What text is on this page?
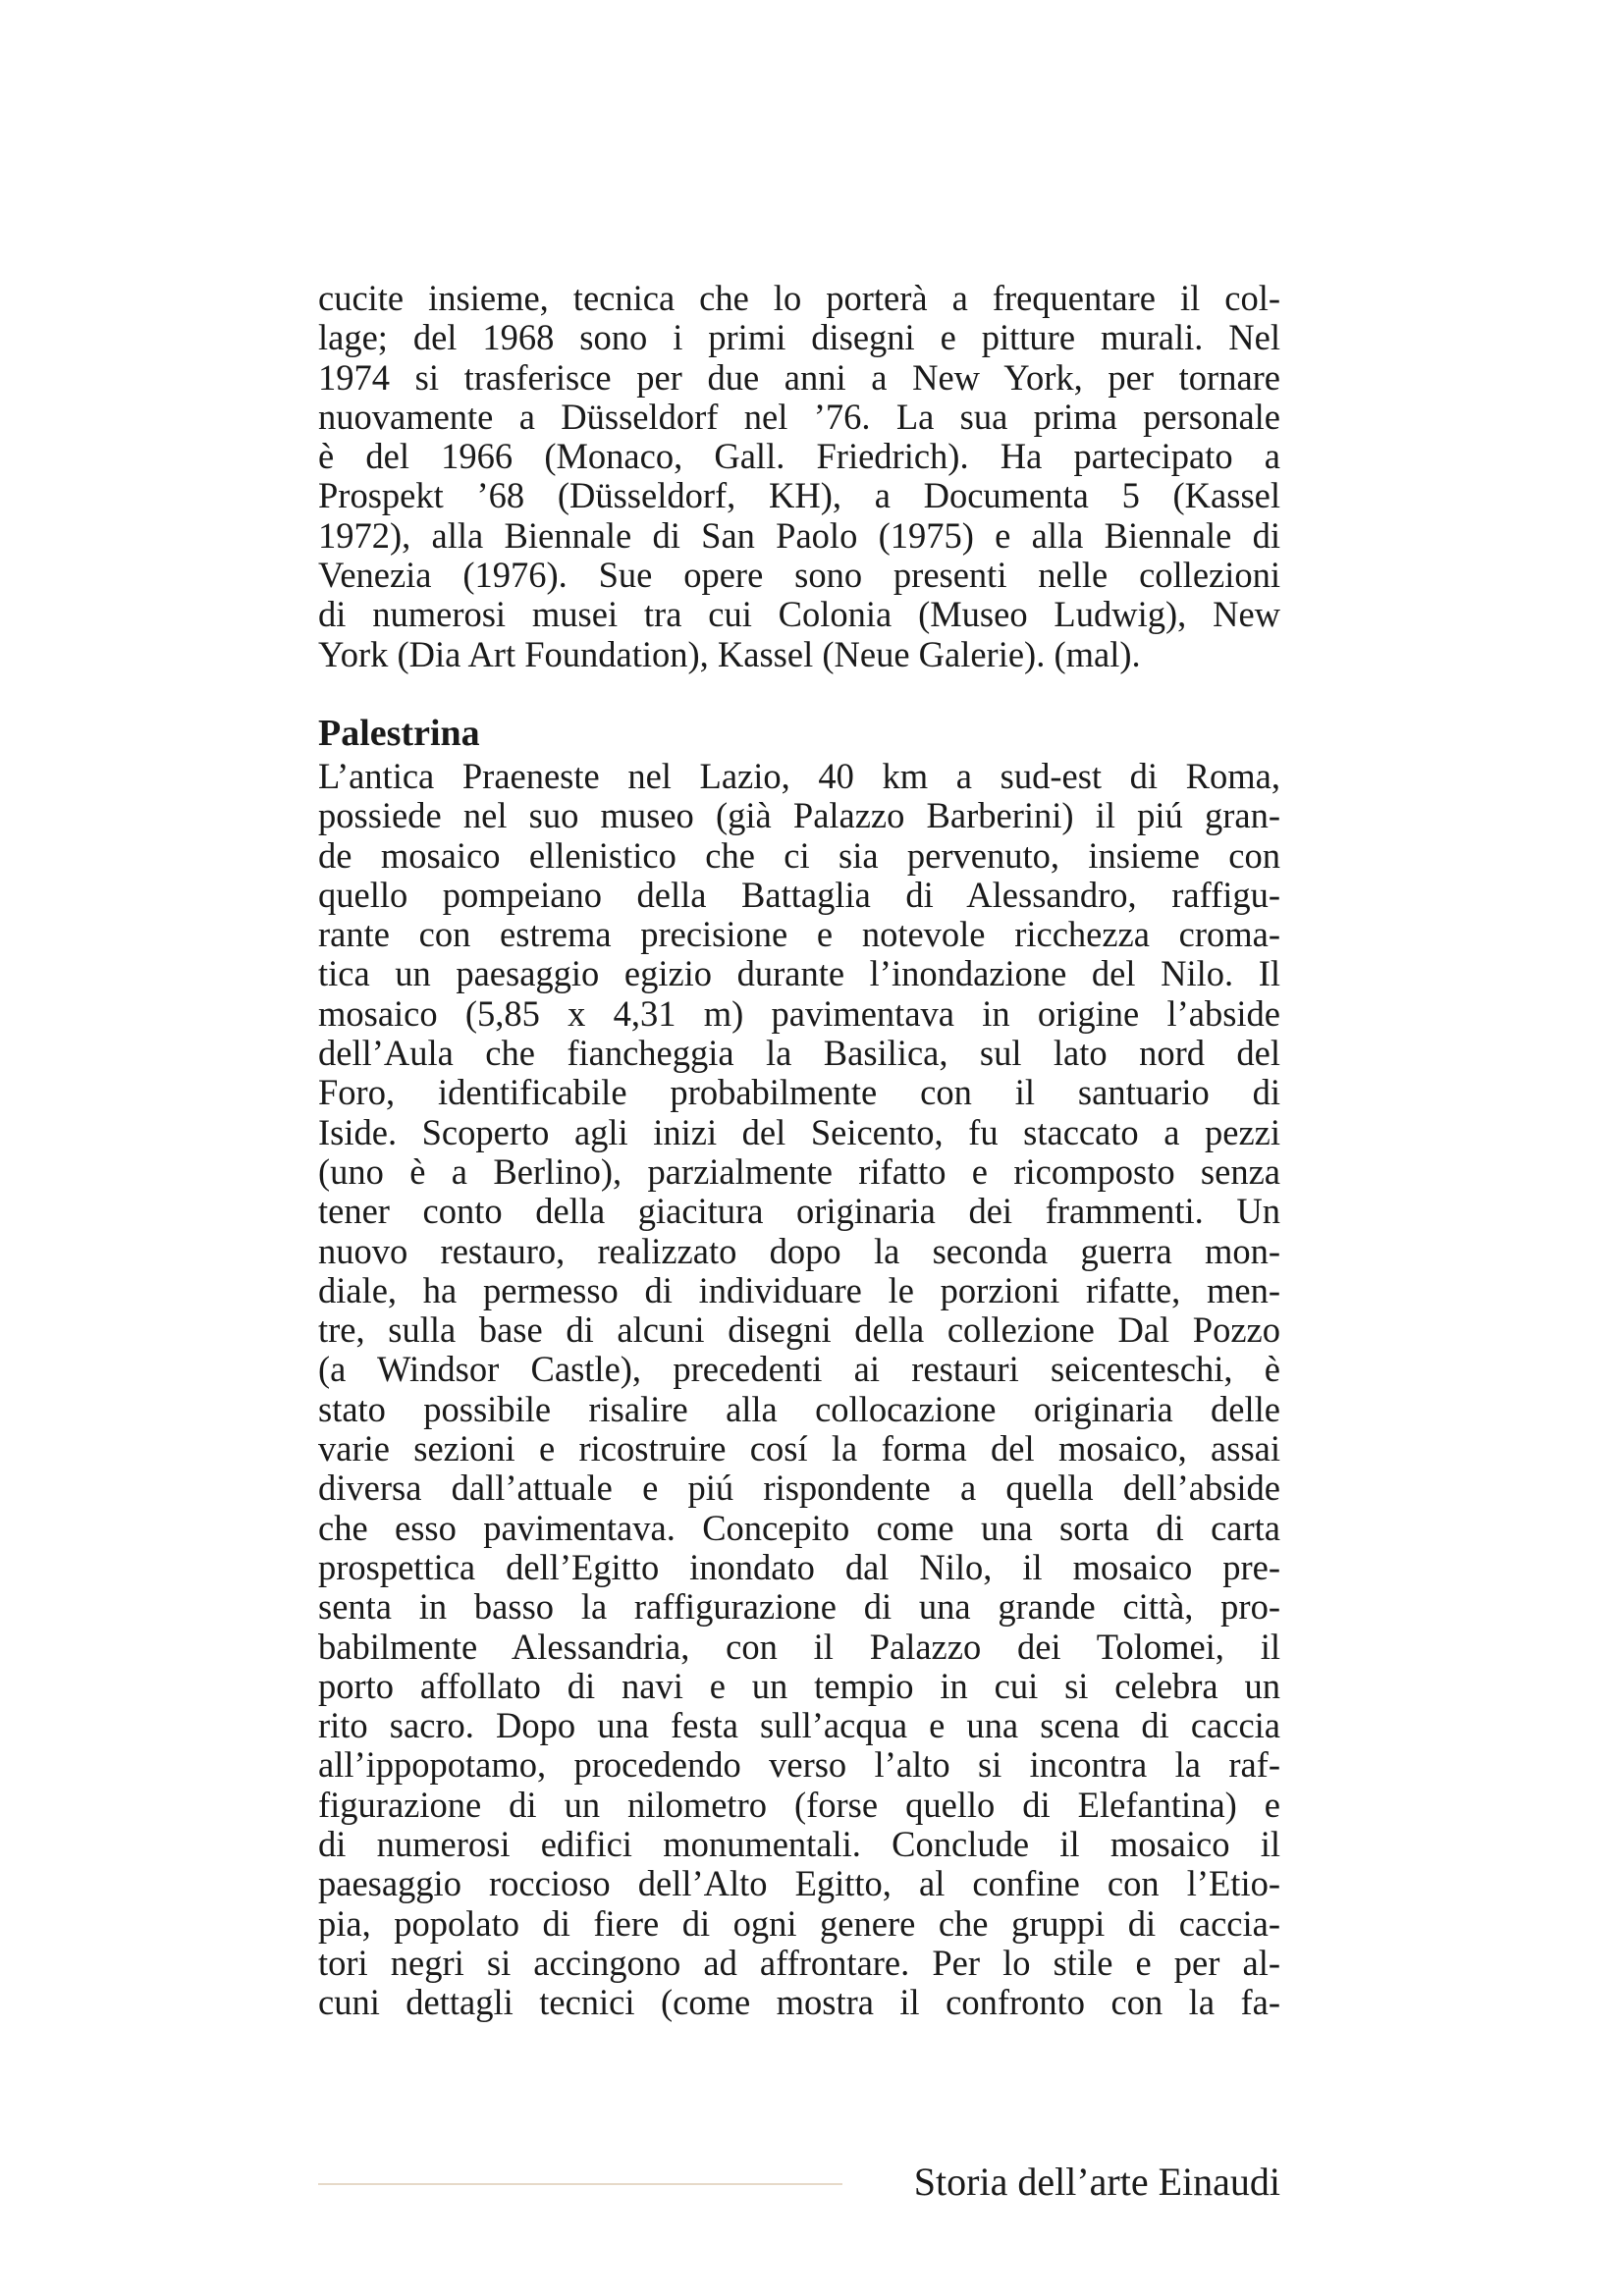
cucite insieme, tecnica che lo porterà a frequentare il col-
lage; del 1968 sono i primi disegni e pitture murali. Nel
1974 si trasferisce per due anni a New York, per tornare
nuovamente a Düsseldorf nel ’76. La sua prima personale
è del 1966 (Monaco, Gall. Friedrich). Ha partecipato a
Prospekt ’68 (Düsseldorf, KH), a Documenta 5 (Kassel
1972), alla Biennale di San Paolo (1975) e alla Biennale di
Venezia (1976). Sue opere sono presenti nelle collezioni
di numerosi musei tra cui Colonia (Museo Ludwig), New
York (Dia Art Foundation), Kassel (Neue Galerie). (mal).
Palestrina
L’antica Praeneste nel Lazio, 40 km a sud-est di Roma,
possiede nel suo museo (già Palazzo Barberini) il piú gran-
de mosaico ellenistico che ci sia pervenuto, insieme con
quello pompeiano della Battaglia di Alessandro, raffigu-
rante con estrema precisione e notevole ricchezza croma-
tica un paesaggio egizio durante l’inondazione del Nilo. Il
mosaico (5,85 x 4,31 m) pavimentava in origine l’abside
dell’Aula che fiancheggia la Basilica, sul lato nord del
Foro, identificabile probabilmente con il santuario di
Iside. Scoperto agli inizi del Seicento, fu staccato a pezzi
(uno è a Berlino), parzialmente rifatto e ricomposto senza
tener conto della giacitura originaria dei frammenti. Un
nuovo restauro, realizzato dopo la seconda guerra mon-
diale, ha permesso di individuare le porzioni rifatte, men-
tre, sulla base di alcuni disegni della collezione Dal Pozzo
(a Windsor Castle), precedenti ai restauri seicenteschi, è
stato possibile risalire alla collocazione originaria delle
varie sezioni e ricostruire cosí la forma del mosaico, assai
diversa dall’attuale e piú rispondente a quella dell’abside
che esso pavimentava. Concepito come una sorta di carta
prospettica dell’Egitto inondato dal Nilo, il mosaico pre-
senta in basso la raffigurazione di una grande città, pro-
babilmente Alessandria, con il Palazzo dei Tolomei, il
porto affollato di navi e un tempio in cui si celebra un
rito sacro. Dopo una festa sull’acqua e una scena di caccia
all’ippopotamo, procedendo verso l’alto si incontra la raf-
figurazione di un nilometro (forse quello di Elefantina) e
di numerosi edifici monumentali. Concludе il mosaico il
paesaggio roccioso dell’Alto Egitto, al confine con l’Etio-
pia, popolato di fiere di ogni genere che gruppi di caccia-
tori negri si accingono ad affrontare. Per lo stile e per al-
cuni dettagli tecnici (come mostra il confronto con la fa-
Storia dell’arte Einaudi
